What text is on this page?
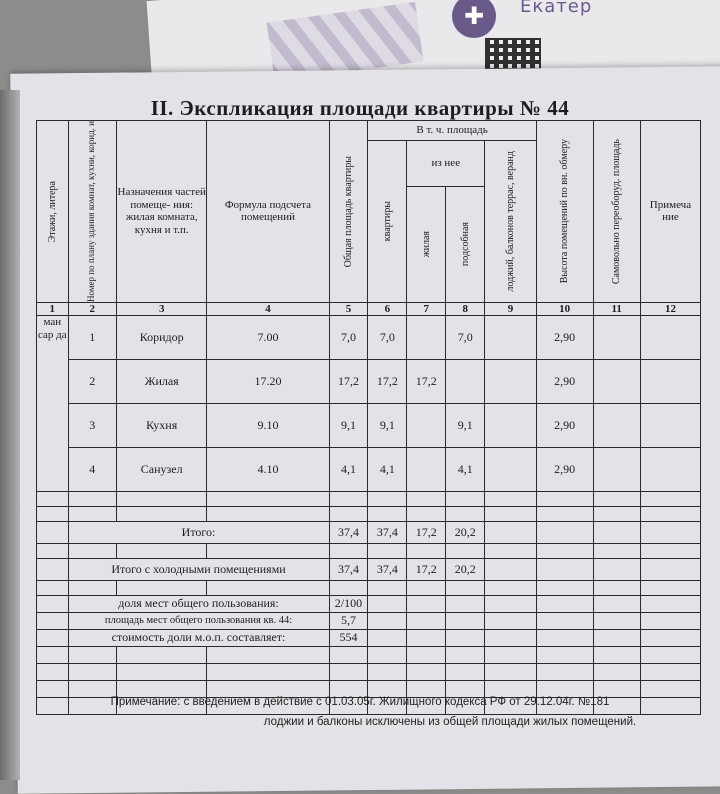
✚	Екатер
II. Экспликация площади квартиры № 44
Этажи, литера	Номер по плану здания комнат, кухни, корид. и	Назначения частей помеще- ния: жилая комната, кухня и т.п.	Формула подсчета помещений	Общая площадь квартиры	В т. ч. площадь				Высота помещений по вн. обмеру	Самовольно переоборуд. площадь	Примеча ние

					квартиры	из нее		лоджий, балконов террас, веранд			

						жилая	подсобная				

1	2	3	4	5	6	7	8	9	10	11	12
ман сар да	1	Коридор	7.00	7,0	7,0		7,0		2,90		
	2	Жилая	17.20	17,2	17,2	17,2			2,90		
	3	Кухня	9.10	9,1	9,1		9,1		2,90		
	4	Санузел	4.10	4,1	4,1		4,1		2,90		

	Итого:			37,4	37,4	17,2	20,2				

	Итого с холодными помещениями			37,4	37,4	17,2	20,2				

	доля мест общего пользования:			2/100							
	площадь мест общего пользования кв. 44:			5,7							
	стоимость доли м.о.п. составляет:			554							

Примечание: с введением в действие с 01.03.05г. Жилищного кодекса РФ от 29.12.04г. №181
лоджии и балконы исключены из общей площади жилых помещений.
